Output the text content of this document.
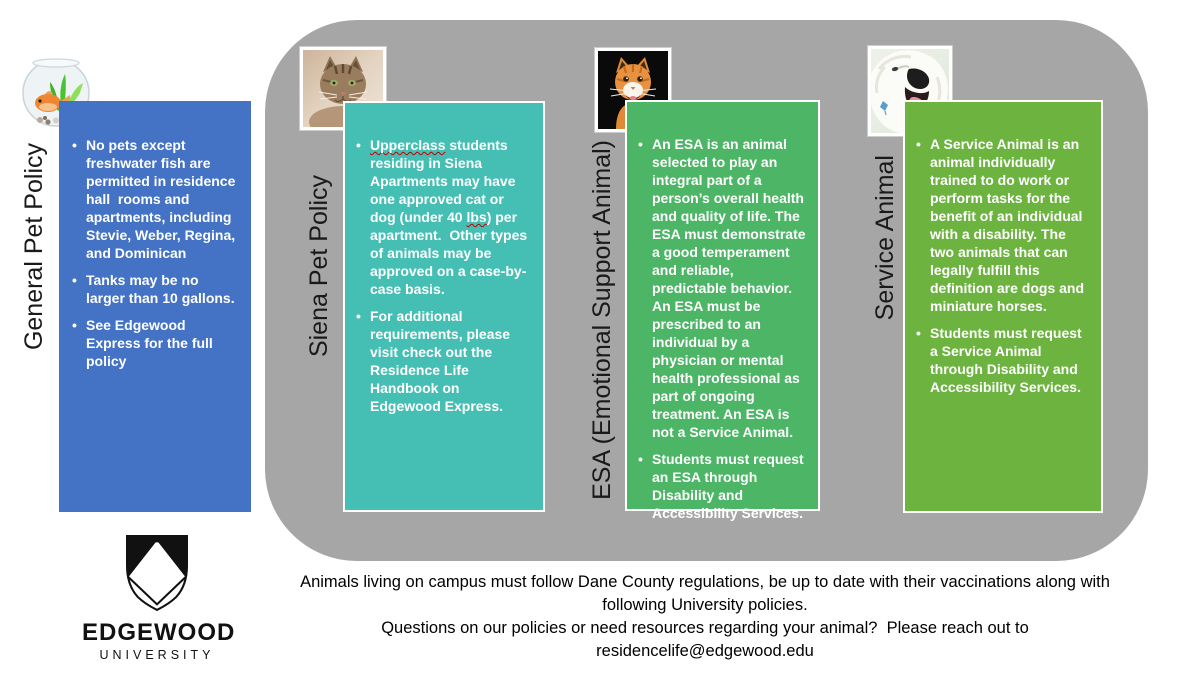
General Pet Policy • No pets except freshwater fish are permitted in residence hall  rooms and apartments, including Stevie, Weber, Regina, and Dominican
• Tanks may be no larger than 10 gallons.
• See Edgewood Express for the full policy
Siena Pet Policy
• Upperclass students residing in Siena Apartments may have one approved cat or dog (under 40 lbs) per apartment.  Other types of animals may be approved on a case-by-case basis.
• For additional requirements, please visit check out the Residence Life Handbook on Edgewood Express.	ESA (Emotional Support Animal) • An ESA is an animal selected to play an integral part of a person’s overall health and quality of life. The ESA must demonstrate a good temperament and reliable, predictable behavior. An ESA must be prescribed to an individual by a physician or mental health professional as part of ongoing treatment. An ESA is not a Service Animal.
• Students must request an ESA through Disability and Accessibility Services.
Service Animal
• A Service Animal is an animal individually trained to do work or perform tasks for the benefit of an individual with a disability. The two animals that can legally fulfill this definition are dogs and miniature horses.
• Students must request a Service Animal through Disability and Accessibility Services.
Animals living on campus must follow Dane County regulations, be up to date with their vaccinations along with
following University policies.
Questions on our policies or need resources regarding your animal?  Please reach out to
residencelife@edgewood.edu
EDGEWOOD
UNIVERSITY
